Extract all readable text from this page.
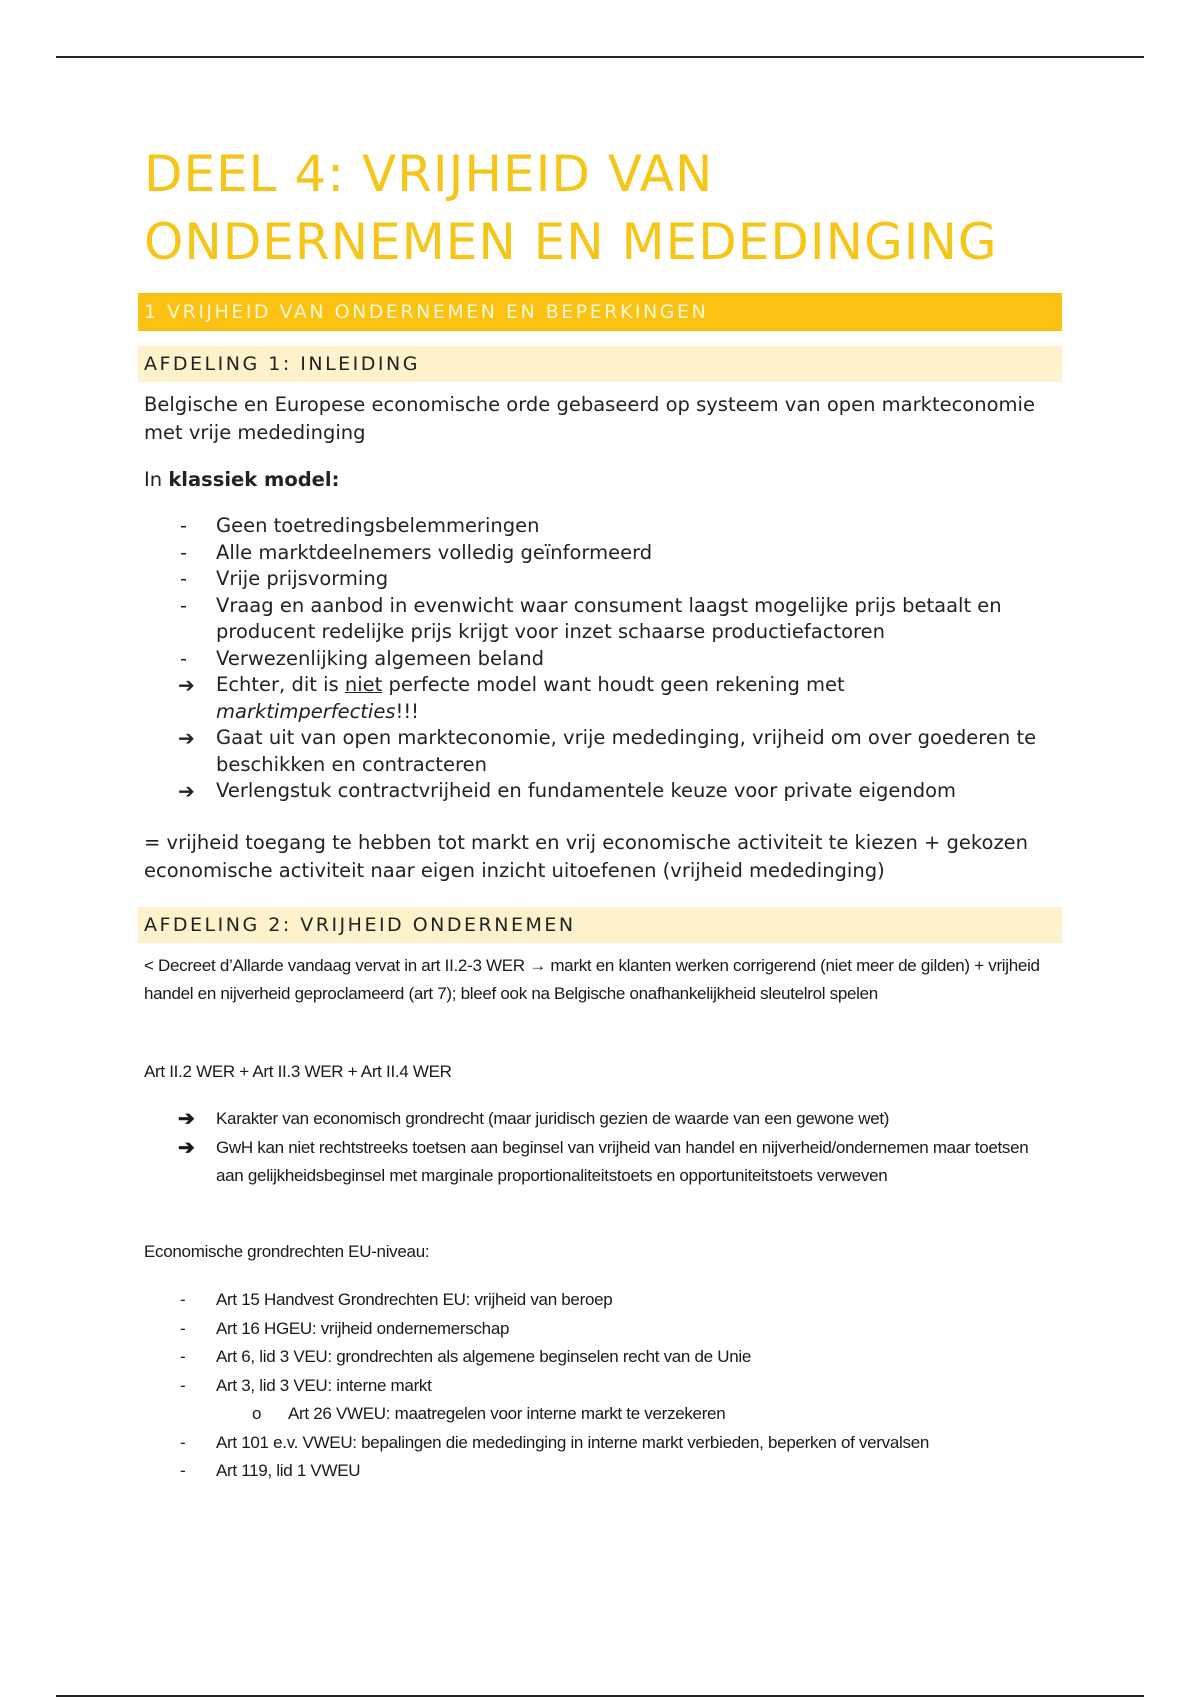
DEEL 4: VRIJHEID VAN
ONDERNEMEN EN MEDEDINGING
1 VRIJHEID VAN ONDERNEMEN EN BEPERKINGEN
AFDELING 1: INLEIDING

Belgische en Europese economische orde gebaseerd op systeem van open markteconomie met vrije mededinging

In klassiek model:

-	Geen toetredingsbelemmeringen
-	Alle marktdeelnemers volledig geïnformeerd
-	Vrije prijsvorming
-	Vraag en aanbod in evenwicht waar consument laagst mogelijke prijs betaalt en producent redelijke prijs krijgt voor inzet schaarse productiefactoren
-	Verwezenlijking algemeen beland
➔ Echter, dit is niet perfecte model want houdt geen rekening met marktimperfecties!!!
➔ Gaat uit van open markteconomie, vrije mededinging, vrijheid om over goederen te beschikken en contracteren
➔ Verlengstuk contractvrijheid en fundamentele keuze voor private eigendom

= vrijheid toegang te hebben tot markt en vrij economische activiteit te kiezen + gekozen economische activiteit naar eigen inzicht uitoefenen (vrijheid mededinging)

AFDELING 2: VRIJHEID ONDERNEMEN

< Decreet d’Allarde vandaag vervat in art II.2-3 WER → markt en klanten werken corrigerend (niet meer de gilden) + vrijheid handel en nijverheid geproclameerd (art 7); bleef ook na Belgische onafhankelijkheid sleutelrol spelen

Art II.2 WER + Art II.3 WER + Art II.4 WER

➔ Karakter van economisch grondrecht (maar juridisch gezien de waarde van een gewone wet)
➔ GwH kan niet rechtstreeks toetsen aan beginsel van vrijheid van handel en nijverheid/ondernemen maar toetsen aan gelijkheidsbeginsel met marginale proportionaliteitstoets en opportuniteitstoets verweven

Economische grondrechten EU-niveau:

-	Art 15 Handvest Grondrechten EU: vrijheid van beroep
-	Art 16 HGEU: vrijheid ondernemerschap
-	Art 6, lid 3 VEU: grondrechten als algemene beginselen recht van de Unie
-	Art 3, lid 3 VEU: interne markt
o	Art 26 VWEU: maatregelen voor interne markt te verzekeren
-	Art 101 e.v. VWEU: bepalingen die mededinging in interne markt verbieden, beperken of vervalsen
-	Art 119, lid 1 VWEU
